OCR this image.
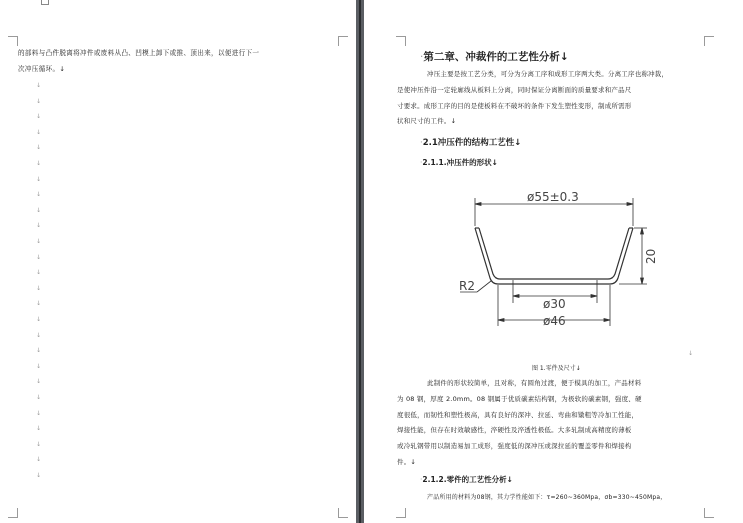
的部料与凸件脱离将冲件或废料从凸、凹模上卸下或推、顶出来，以便进行下一
次冲压循环。↓
↓
↓
↓
↓
↓
↓
↓
↓
↓
↓
↓
↓
↓
↓
↓
↓
↓
↓
↓
↓
↓
↓
↓
↓
↓
↓
·第二章、冲裁件的工艺性分析↓
冲压主要是按工艺分类，可分为分离工序和成形工序两大类。分离工序也称冲裁，
是使冲压件沿一定轮廓线从板料上分离，同时保证分离断面的质量要求和产品尺
寸要求。成形工序的目的是使板料在不破坏的条件下发生塑性变形，制成所需形
状和尺寸的工件。↓
·2.1冲压件的结构工艺性↓
·2.1.1.冲压件的形状↓
ø55±0.3
20
R2
ø30
ø46
图 1.零件及尺寸↓
↓
此制件的形状较简单，且对称，有圆角过渡，便于模具的加工，产品材料
为 08 钢，厚度 2.0mm。08 钢属于优质碳素结构钢，为极软的碳素钢，强度、硬
度很低，而韧性和塑性极高，具有良好的深冲、拉延、弯曲和镦粗等冷加工性能，
焊接性能，但存在时效敏感性，淬硬性及淬透性极低。大多轧制成高精度的薄板
或冷轧钢带用以制造易加工成形，强度低的深冲压或深拉延的覆盖零件和焊接构
件。↓
·2.1.2.零件的工艺性分析↓
产品所用的材料为08钢，其力学性能如下：τ=260~360Mpa，σb=330~450Mpa，
